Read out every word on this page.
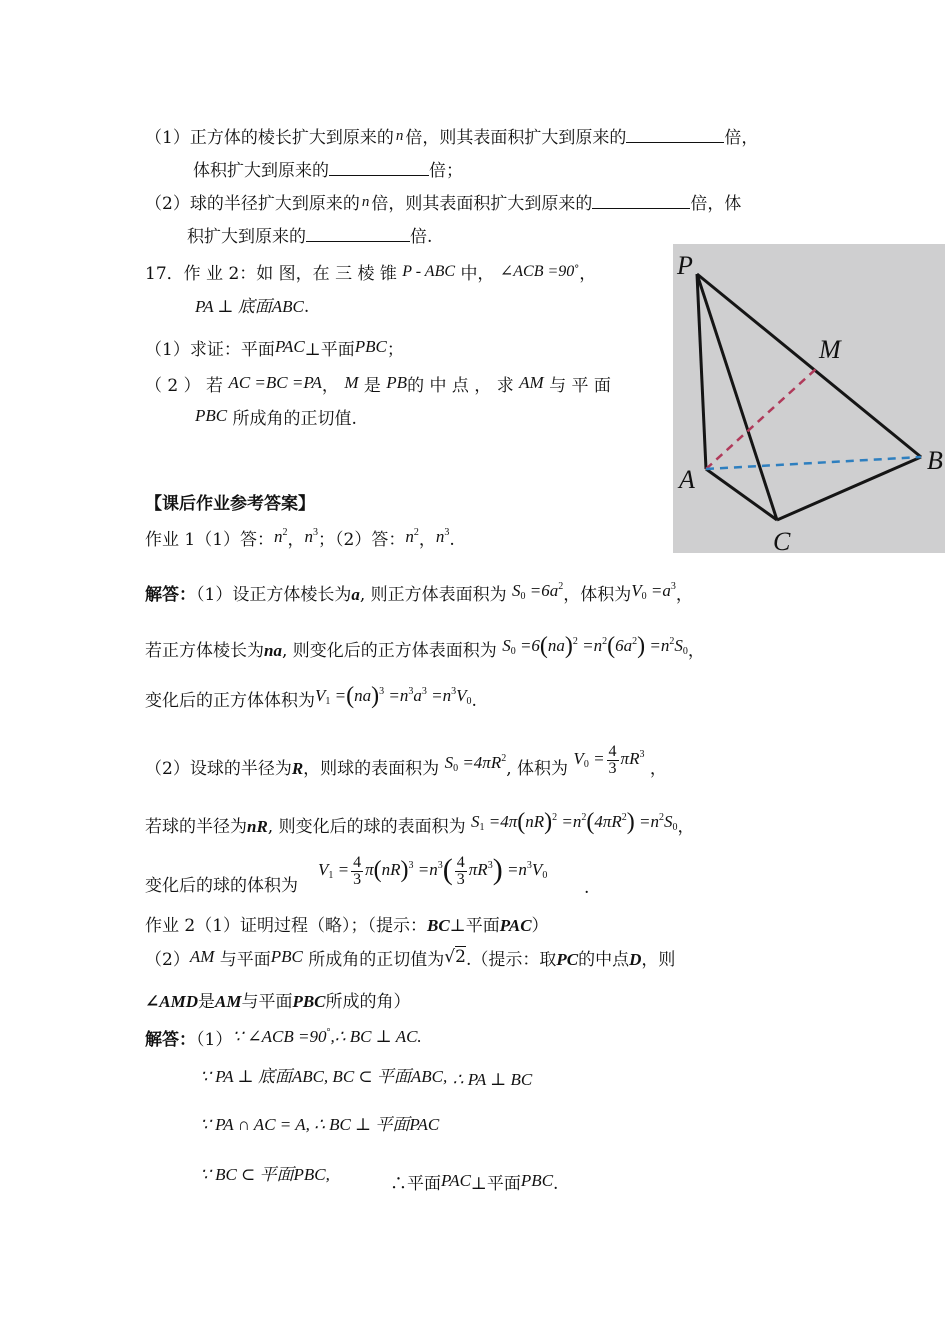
（1）正方体的棱长扩大到原来的 n 倍，则其表面积扩大到原来的	倍，
体积扩大到原来的	倍；
（2）球的半径扩大到原来的 n 倍，则其表面积扩大到原来的	倍，体
积扩大到原来的	倍.
17．作 业 2：如 图，在 三 棱 锥 P - ABC 中， ∠ACB =90°，
PA ⊥ 底面ABC.
（1）求证：平面PAC⊥平面PBC；
（ 2 ） 若 AC =BC =PA， M 是 PB的 中 点 ， 求 AM 与 平 面
PBC 所成角的正切值.
P
M
A
B
C
【课后作业参考答案】
作业 1（1）答：$n^2$，$n^3$；（2）答：$n^2$，$n^3$.
解答：（1）设正方体棱长为a, 则正方体表面积为 $S_0 =6a^2$，体积为$V_0 =a^3$，
若正方体棱长为na, 则变化后的正方体表面积为 $S_0 =6(na)^2 =n^2(6a^2) =n^2S_0$，
变化后的正方体体积为$V_1 =(na)^3 =n^3a^3 =n^3V_0$.
（2）设球的半径为R，则球的表面积为 $S_0 =4\pi R^2$, 体积为 $V_0 = \frac{4}{3} \pi R^3$ ，
若球的半径为nR, 则变化后的球的表面积为 $S_1 =4\pi(nR)^2 =n^2(4\pi R^2) =n^2S_0$，
变化后的球的体积为
$V_1 = \frac{4}{3} \pi(nR)^3 =n^3( \frac{4}{3} \pi R^3) =n^3V_0$
.
作业 2（1）证明过程（略）；（提示：BC⊥平面PAC）
（2）AM 与平面PBC 所成角的正切值为√2.（提示：取PC的中点D，则
∠AMD是AM与平面PBC所成的角）
解答：（1）∵ ∠ACB =90°,∴ BC ⊥ AC.
∵ PA ⊥ 底面ABC, BC ⊂ 平面ABC, ∴ PA ⊥ BC
∵ PA ∩ AC = A, ∴ BC ⊥ 平面PAC
∵ BC ⊂ 平面PBC,	∴平面PAC⊥平面PBC.
